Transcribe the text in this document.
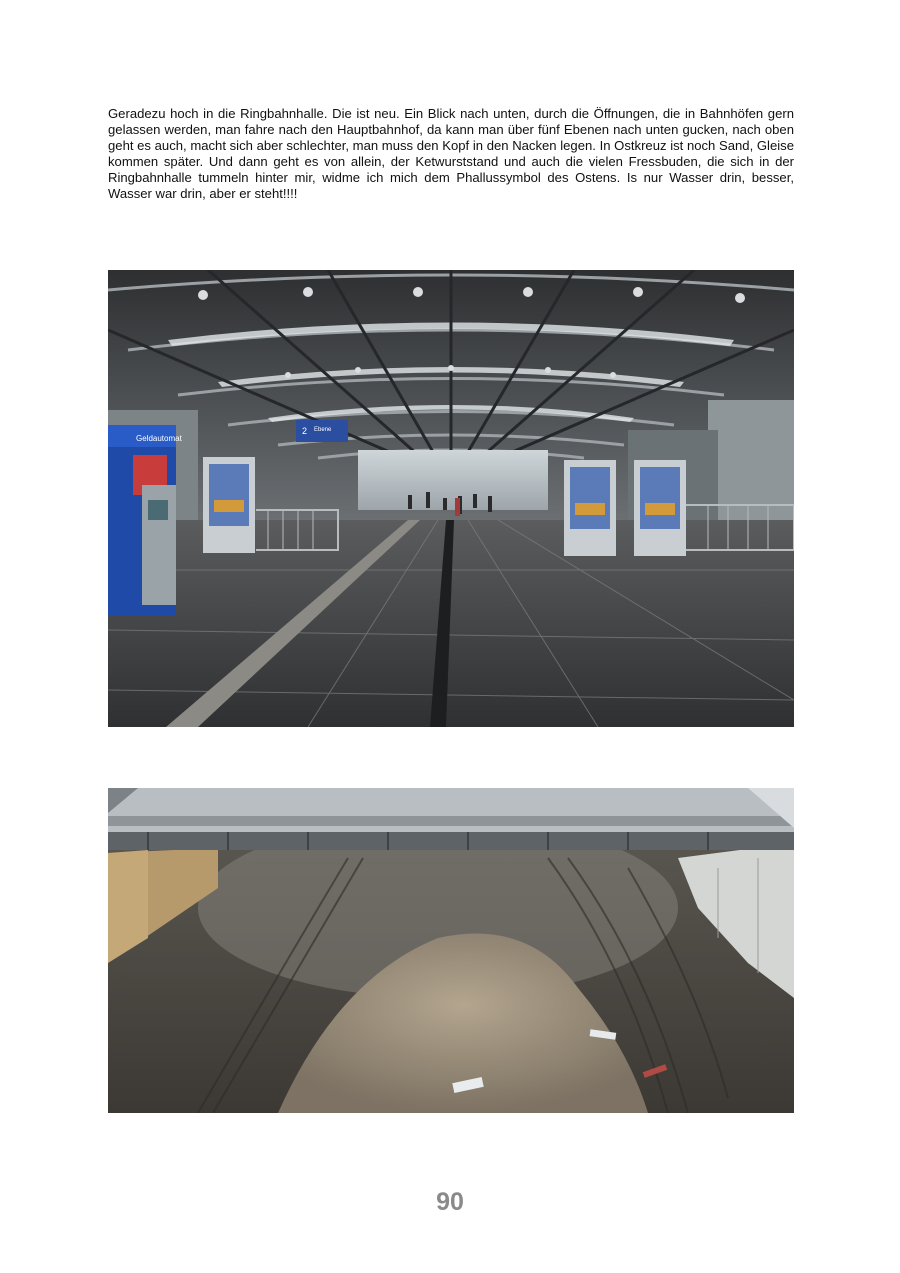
Geradezu hoch in die Ringbahnhalle. Die ist neu. Ein Blick nach unten, durch die Öffnungen, die in Bahnhöfen gern gelassen werden, man fahre nach den Hauptbahnhof, da kann man über fünf Ebenen nach unten gucken, nach oben geht es auch, macht sich aber schlechter, man muss den Kopf in den Nacken legen. In Ostkreuz ist noch Sand, Gleise kommen später. Und dann geht es von allein, der Ketwurststand und auch die vielen Fressbuden, die sich in der Ringbahnhalle tummeln hinter mir, widme ich mich dem Phallussymbol des Ostens. Is nur Wasser drin, besser, Wasser war drin, aber er steht!!!!

Geldautomat
2 Ebene
90
